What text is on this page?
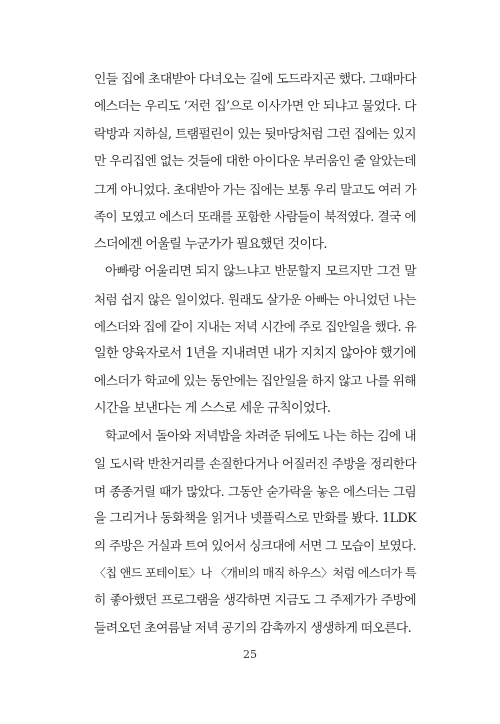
인들 집에 초대받아 다녀오는 길에 도드라지곤 했다. 그때마다
에스더는 우리도 ‘저런 집’으로 이사가면 안 되냐고 물었다. 다
락방과 지하실, 트램펄린이 있는 뒷마당처럼 그런 집에는 있지
만 우리집엔 없는 것들에 대한 아이다운 부러움인 줄 알았는데
그게 아니었다. 초대받아 가는 집에는 보통 우리 말고도 여러 가
족이 모였고 에스더 또래를 포함한 사람들이 북적였다. 결국 에
스더에겐 어울릴 누군가가 필요했던 것이다.
아빠랑 어울리면 되지 않느냐고 반문할지 모르지만 그건 말
처럼 쉽지 않은 일이었다. 원래도 살가운 아빠는 아니었던 나는
에스더와 집에 같이 지내는 저녁 시간에 주로 집안일을 했다. 유
일한 양육자로서 1년을 지내려면 내가 지치지 않아야 했기에
에스더가 학교에 있는 동안에는 집안일을 하지 않고 나를 위해
시간을 보낸다는 게 스스로 세운 규칙이었다.
학교에서 돌아와 저녁밥을 차려준 뒤에도 나는 하는 김에 내
일 도시락 반찬거리를 손질한다거나 어질러진 주방을 정리한다
며 종종거릴 때가 많았다. 그동안 숟가락을 놓은 에스더는 그림
을 그리거나 동화책을 읽거나 넷플릭스로 만화를 봤다. 1LDK
의 주방은 거실과 트여 있어서 싱크대에 서면 그 모습이 보였다.
〈칩 앤드 포테이토〉나 〈개비의 매직 하우스〉처럼 에스더가 특
히 좋아했던 프로그램을 생각하면 지금도 그 주제가가 주방에
들려오던 초여름날 저녁 공기의 감촉까지 생생하게 떠오른다.
25
